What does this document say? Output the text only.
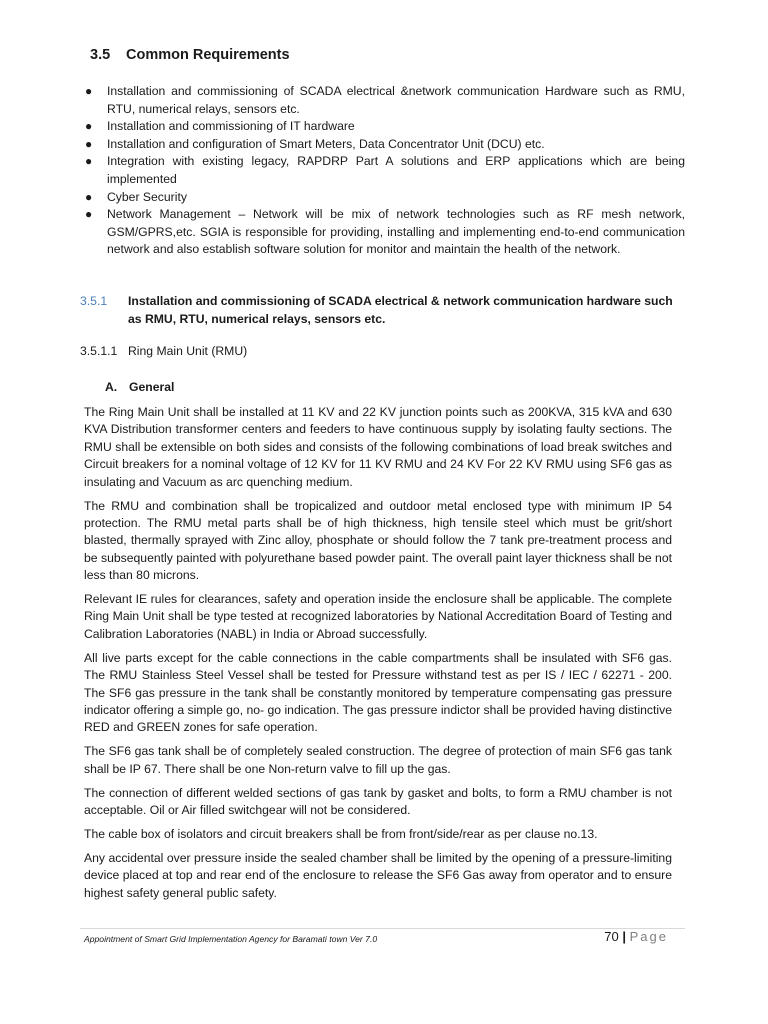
3.5 Common Requirements
● Installation and commissioning of SCADA electrical &network communication Hardware such as RMU, RTU, numerical relays, sensors etc.
● Installation and commissioning of IT hardware
● Installation and configuration of Smart Meters, Data Concentrator Unit (DCU) etc.
● Integration with existing legacy, RAPDRP Part A solutions and ERP applications which are being implemented
● Cyber Security
● Network Management – Network will be mix of network technologies such as RF mesh network, GSM/GPRS,etc. SGIA is responsible for providing, installing and implementing end-to-end communication network and also establish software solution for monitor and maintain the health of the network.
3.5.1 Installation and commissioning of SCADA electrical & network communication hardware such as RMU, RTU, numerical relays, sensors etc.
3.5.1.1 Ring Main Unit (RMU)
A. General

The Ring Main Unit shall be installed at 11 KV and 22 KV junction points such as 200KVA, 315 kVA and 630 KVA Distribution transformer centers and feeders to have continuous supply by isolating faulty sections. The RMU shall be extensible on both sides and consists of the following combinations of load break switches and Circuit breakers for a nominal voltage of 12 KV for 11 KV RMU and 24 KV For 22 KV RMU using SF6 gas as insulating and Vacuum as arc quenching medium.

The RMU and combination shall be tropicalized and outdoor metal enclosed type with minimum IP 54 protection. The RMU metal parts shall be of high thickness, high tensile steel which must be grit/short blasted, thermally sprayed with Zinc alloy, phosphate or should follow the 7 tank pre-treatment process and be subsequently painted with polyurethane based powder paint. The overall paint layer thickness shall be not less than 80 microns.

Relevant IE rules for clearances, safety and operation inside the enclosure shall be applicable. The complete Ring Main Unit shall be type tested at recognized laboratories by National Accreditation Board of Testing and Calibration Laboratories (NABL) in India or Abroad successfully.

All live parts except for the cable connections in the cable compartments shall be insulated with SF6 gas. The RMU Stainless Steel Vessel shall be tested for Pressure withstand test as per IS / IEC / 62271 - 200. The SF6 gas pressure in the tank shall be constantly monitored by temperature compensating gas pressure indicator offering a simple go, no- go indication. The gas pressure indictor shall be provided having distinctive RED and GREEN zones for safe operation.

The SF6 gas tank shall be of completely sealed construction. The degree of protection of main SF6 gas tank shall be IP 67. There shall be one Non-return valve to fill up the gas.

The connection of different welded sections of gas tank by gasket and bolts, to form a RMU chamber is not acceptable. Oil or Air filled switchgear will not be considered.

The cable box of isolators and circuit breakers shall be from front/side/rear as per clause no.13.

Any accidental over pressure inside the sealed chamber shall be limited by the opening of a pressure-limiting device placed at top and rear end of the enclosure to release the SF6 Gas away from operator and to ensure highest safety general public safety.

Appointment of Smart Grid Implementation Agency for Baramati town Ver 7.0	70 | Page
